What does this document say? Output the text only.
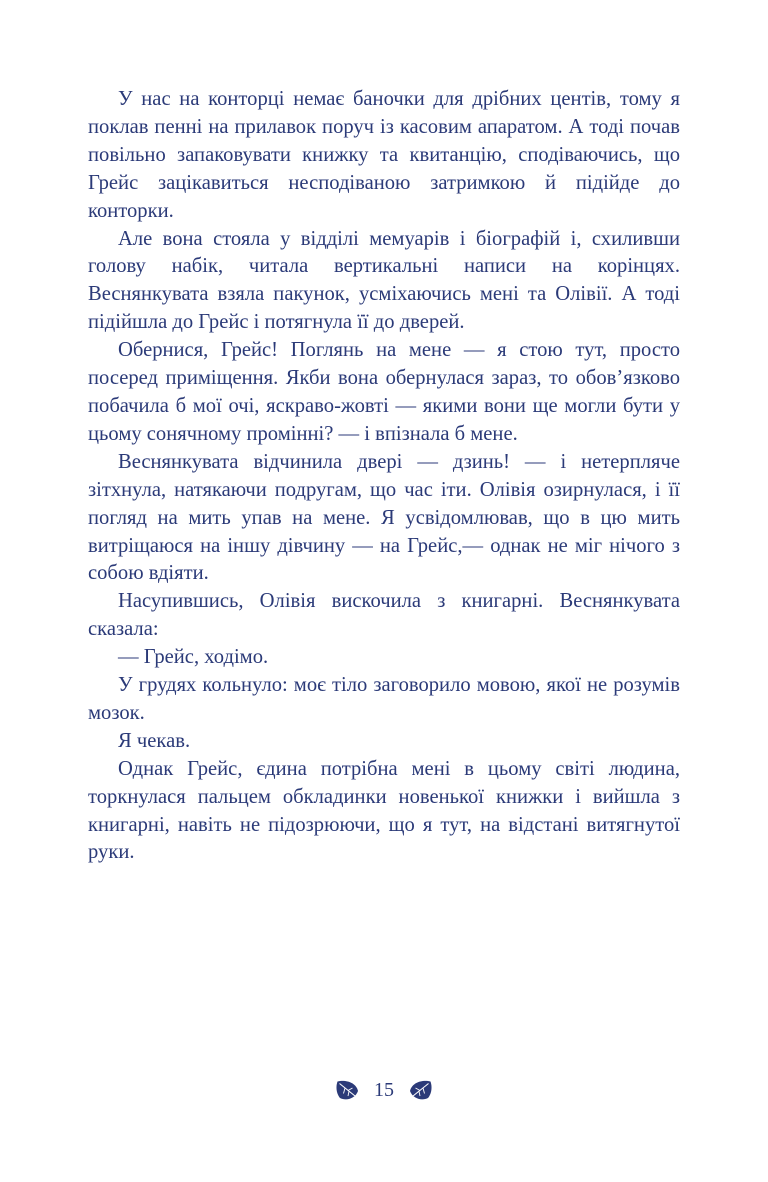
У нас на конторці немає баночки для дрібних центів, тому я поклав пенні на прилавок поруч із касовим апаратом. А тоді почав повільно запаковувати книжку та квитанцію, сподіваючись, що Грейс зацікавиться несподіваною затримкою й підійде до конторки.

Але вона стояла у відділі мемуарів і біографій і, схиливши голову набік, читала вертикальні написи на корінцях. Веснянкувата взяла пакунок, усміхаючись мені та Олівії. А тоді підійшла до Грейс і потягнула її до дверей.

Обернися, Грейс! Поглянь на мене — я стою тут, просто посеред приміщення. Якби вона обернулася зараз, то обов’язково побачила б мої очі, яскраво-жовті — якими вони ще могли бути у цьому сонячному промінні? — і впізнала б мене.

Веснянкувата відчинила двері — дзинь! — і нетерпляче зітхнула, натякаючи подругам, що час іти. Олівія озирнулася, і її погляд на мить упав на мене. Я усвідомлював, що в цю мить витріщаюся на іншу дівчину — на Грейс,— однак не міг нічого з собою вдіяти.

Насупившись, Олівія вискочила з книгарні. Веснянкувата сказала:

— Грейс, ходімо.

У грудях кольнуло: моє тіло заговорило мовою, якої не розумів мозок.

Я чекав.

Однак Грейс, єдина потрібна мені в цьому світі людина, торкнулася пальцем обкладинки новенької книжки і вийшла з книгарні, навіть не підозрюючи, що я тут, на відстані витягнутої руки.

15
